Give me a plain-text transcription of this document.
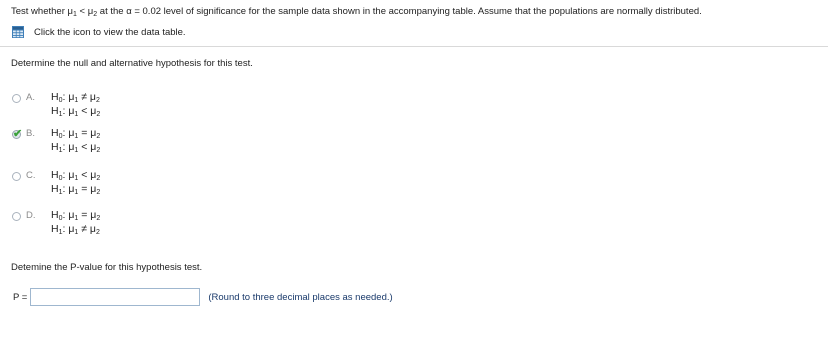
Test whether $\mu_1 < \mu_2$ at the α = 0.02 level of significance for the sample data shown in the accompanying table. Assume that the populations are normally distributed.
Click the icon to view the data table.
Determine the null and alternative hypothesis for this test.
A. $H_0$: $\mu_1 \ne \mu_2$
$H_1$: $\mu_1 < \mu_2$
✔ B. $H_0$: $\mu_1 = \mu_2$
$H_1$: $\mu_1 < \mu_2$
C. $H_0$: $\mu_1 < \mu_2$
$H_1$: $\mu_1 = \mu_2$
D. $H_0$: $\mu_1 = \mu_2$
$H_1$: $\mu_1 \ne \mu_2$
Detemine the P-value for this hypothesis test.
P =	(Round to three decimal places as needed.)
